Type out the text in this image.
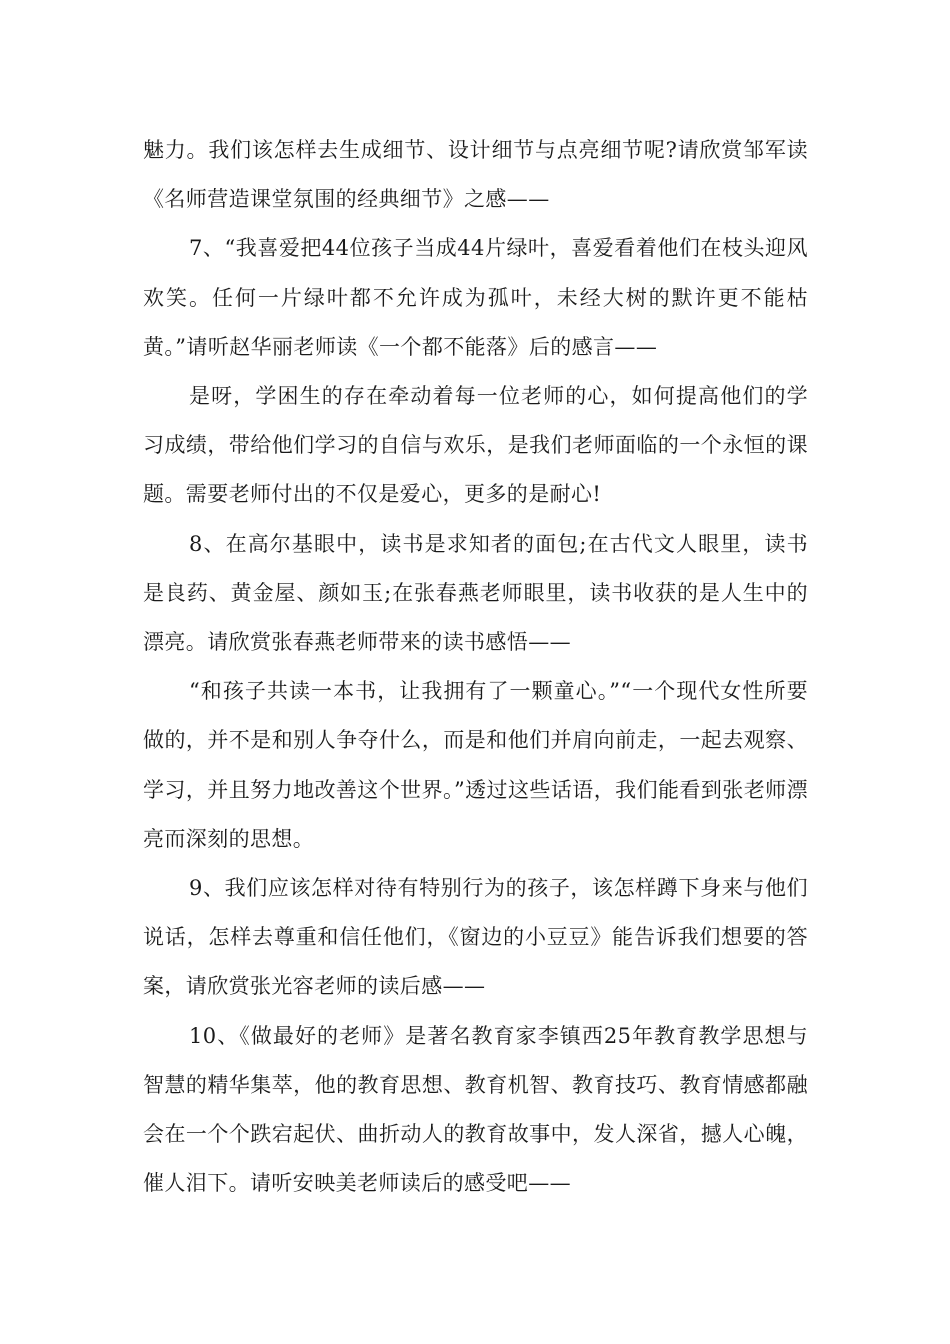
魅力。我们该怎样去生成细节、设计细节与点亮细节呢?请欣赏邹军读《名师营造课堂氛围的经典细节》之感——

7、“我喜爱把44位孩子当成44片绿叶，喜爱看着他们在枝头迎风欢笑。任何一片绿叶都不允许成为孤叶，未经大树的默许更不能枯黄。”请听赵华丽老师读《一个都不能落》后的感言——

是呀，学困生的存在牵动着每一位老师的心，如何提高他们的学习成绩，带给他们学习的自信与欢乐，是我们老师面临的一个永恒的课题。需要老师付出的不仅是爱心，更多的是耐心!

8、在高尔基眼中，读书是求知者的面包;在古代文人眼里，读书是良药、黄金屋、颜如玉;在张春燕老师眼里，读书收获的是人生中的漂亮。请欣赏张春燕老师带来的读书感悟——

“和孩子共读一本书，让我拥有了一颗童心。”“一个现代女性所要做的，并不是和别人争夺什么，而是和他们并肩向前走，一起去观察、学习，并且努力地改善这个世界。”透过这些话语，我们能看到张老师漂亮而深刻的思想。

9、我们应该怎样对待有特别行为的孩子，该怎样蹲下身来与他们说话，怎样去尊重和信任他们，《窗边的小豆豆》能告诉我们想要的答案，请欣赏张光容老师的读后感——

10、《做最好的老师》是著名教育家李镇西25年教育教学思想与智慧的精华集萃，他的教育思想、教育机智、教育技巧、教育情感都融会在一个个跌宕起伏、曲折动人的教育故事中，发人深省，撼人心魄，催人泪下。请听安映美老师读后的感受吧——
